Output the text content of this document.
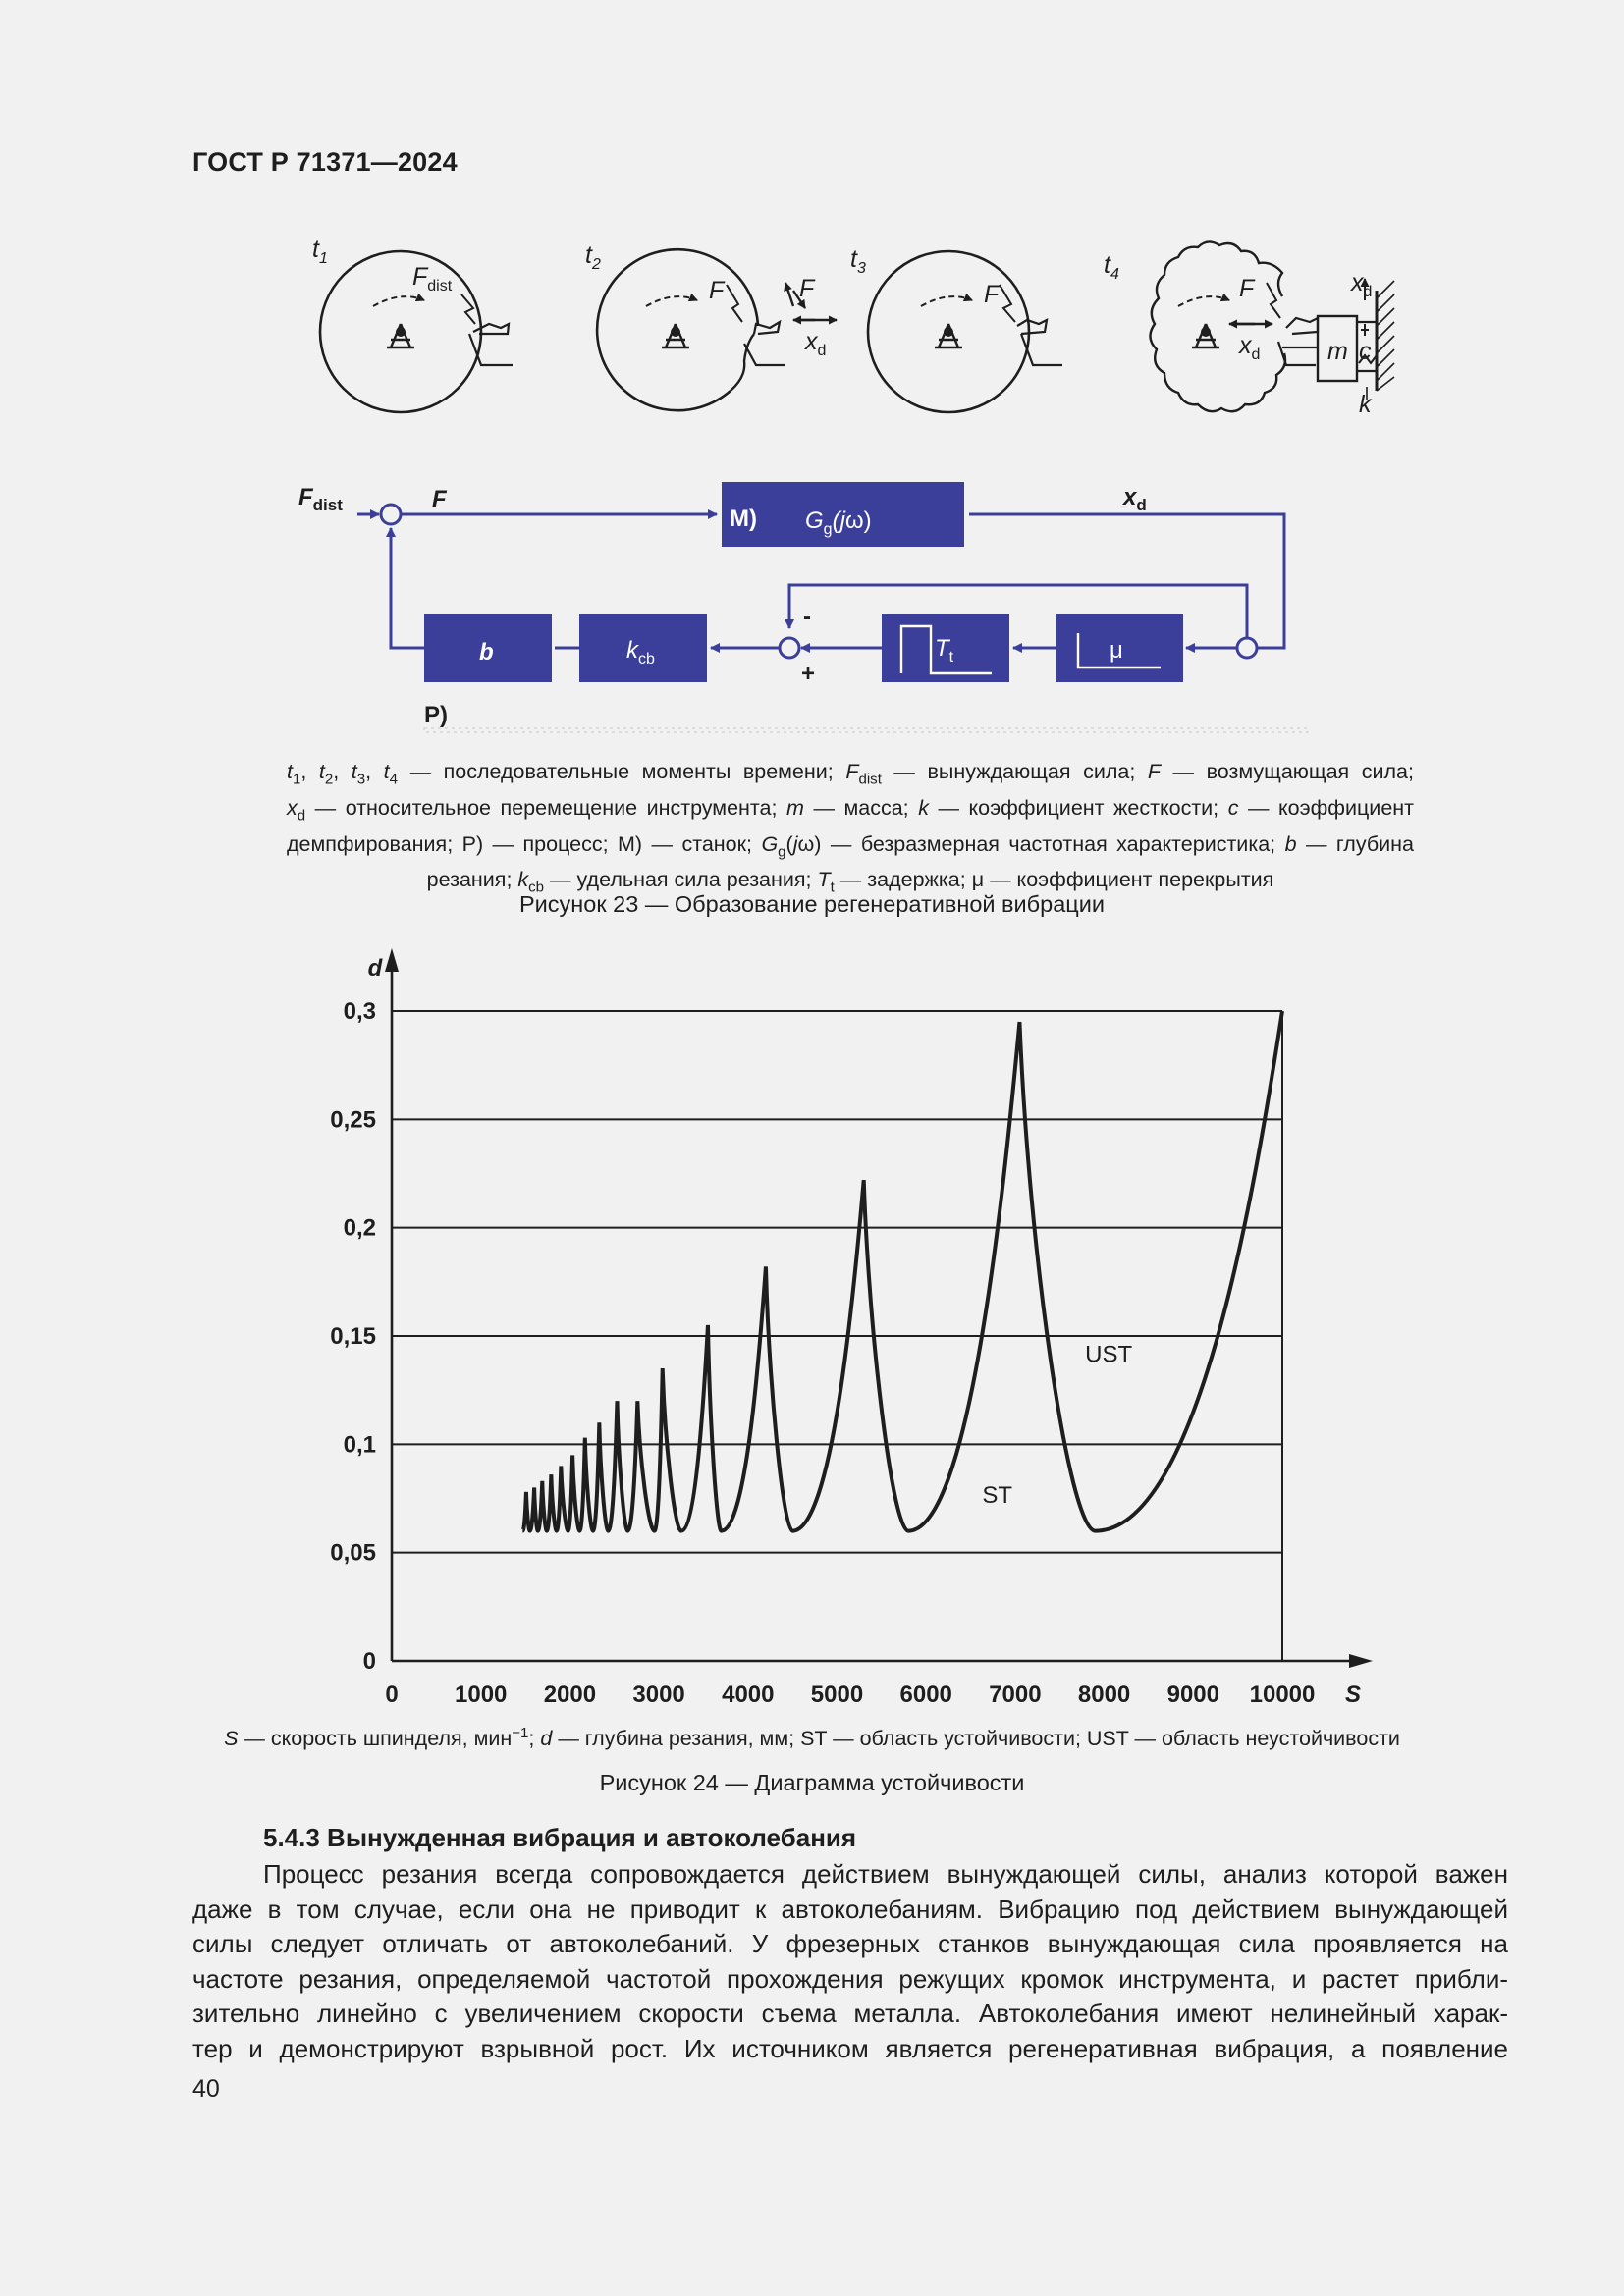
ГОСТ Р 71371—2024
$t_1$	$t_2$	$t_3$	$t_4$
$F_{dist}$	F	F
$x_d$
F	F
$x_d$	m c
$x_d$
k
$F_{dist}$	F
M) $G_g(j\omega)$
$x_d$
b	$k_{cb}$	$T_t$	μ
-
+
P)
$t_1$, $t_2$, $t_3$, $t_4$ — последовательные моменты времени; $F_{dist}$ — вынуждающая сила; F — возмущающая сила;
$x_d$ — относительное перемещение инструмента; m — масса; k — коэффициент жесткости; c — коэффициент
демпфирования; P) — процесс; M) — станок; $G_g(j\omega)$ — безразмерная частотная характеристика; b — глубина
резания; $k_{cb}$ — удельная сила резания; $T_t$ — задержка; μ — коэффициент перекрытия
Рисунок 23 — Образование регенеративной вибрации
0 1000 2000 3000 4000 5000 6000 7000 8000 9000 10000
0
0,05
0,1
0,15
0,2
0,25
0,3
S
d
UST
ST
S — скорость шпинделя, мин$^{-1}$; d — глубина резания, мм; ST — область устойчивости; UST — область неустойчивости
Рисунок 24 — Диаграмма устойчивости
5.4.3 Вынужденная вибрация и автоколебания
Процесс резания всегда сопровождается действием вынуждающей силы, анализ которой важен
даже в том случае, если она не приводит к автоколебаниям. Вибрацию под действием вынуждающей
силы следует отличать от автоколебаний. У фрезерных станков вынуждающая сила проявляется на
частоте резания, определяемой частотой прохождения режущих кромок инструмента, и растет прибли-
зительно линейно с увеличением скорости съема металла. Автоколебания имеют нелинейный харак-
тер и демонстрируют взрывной рост. Их источником является регенеративная вибрация, а появление
40
